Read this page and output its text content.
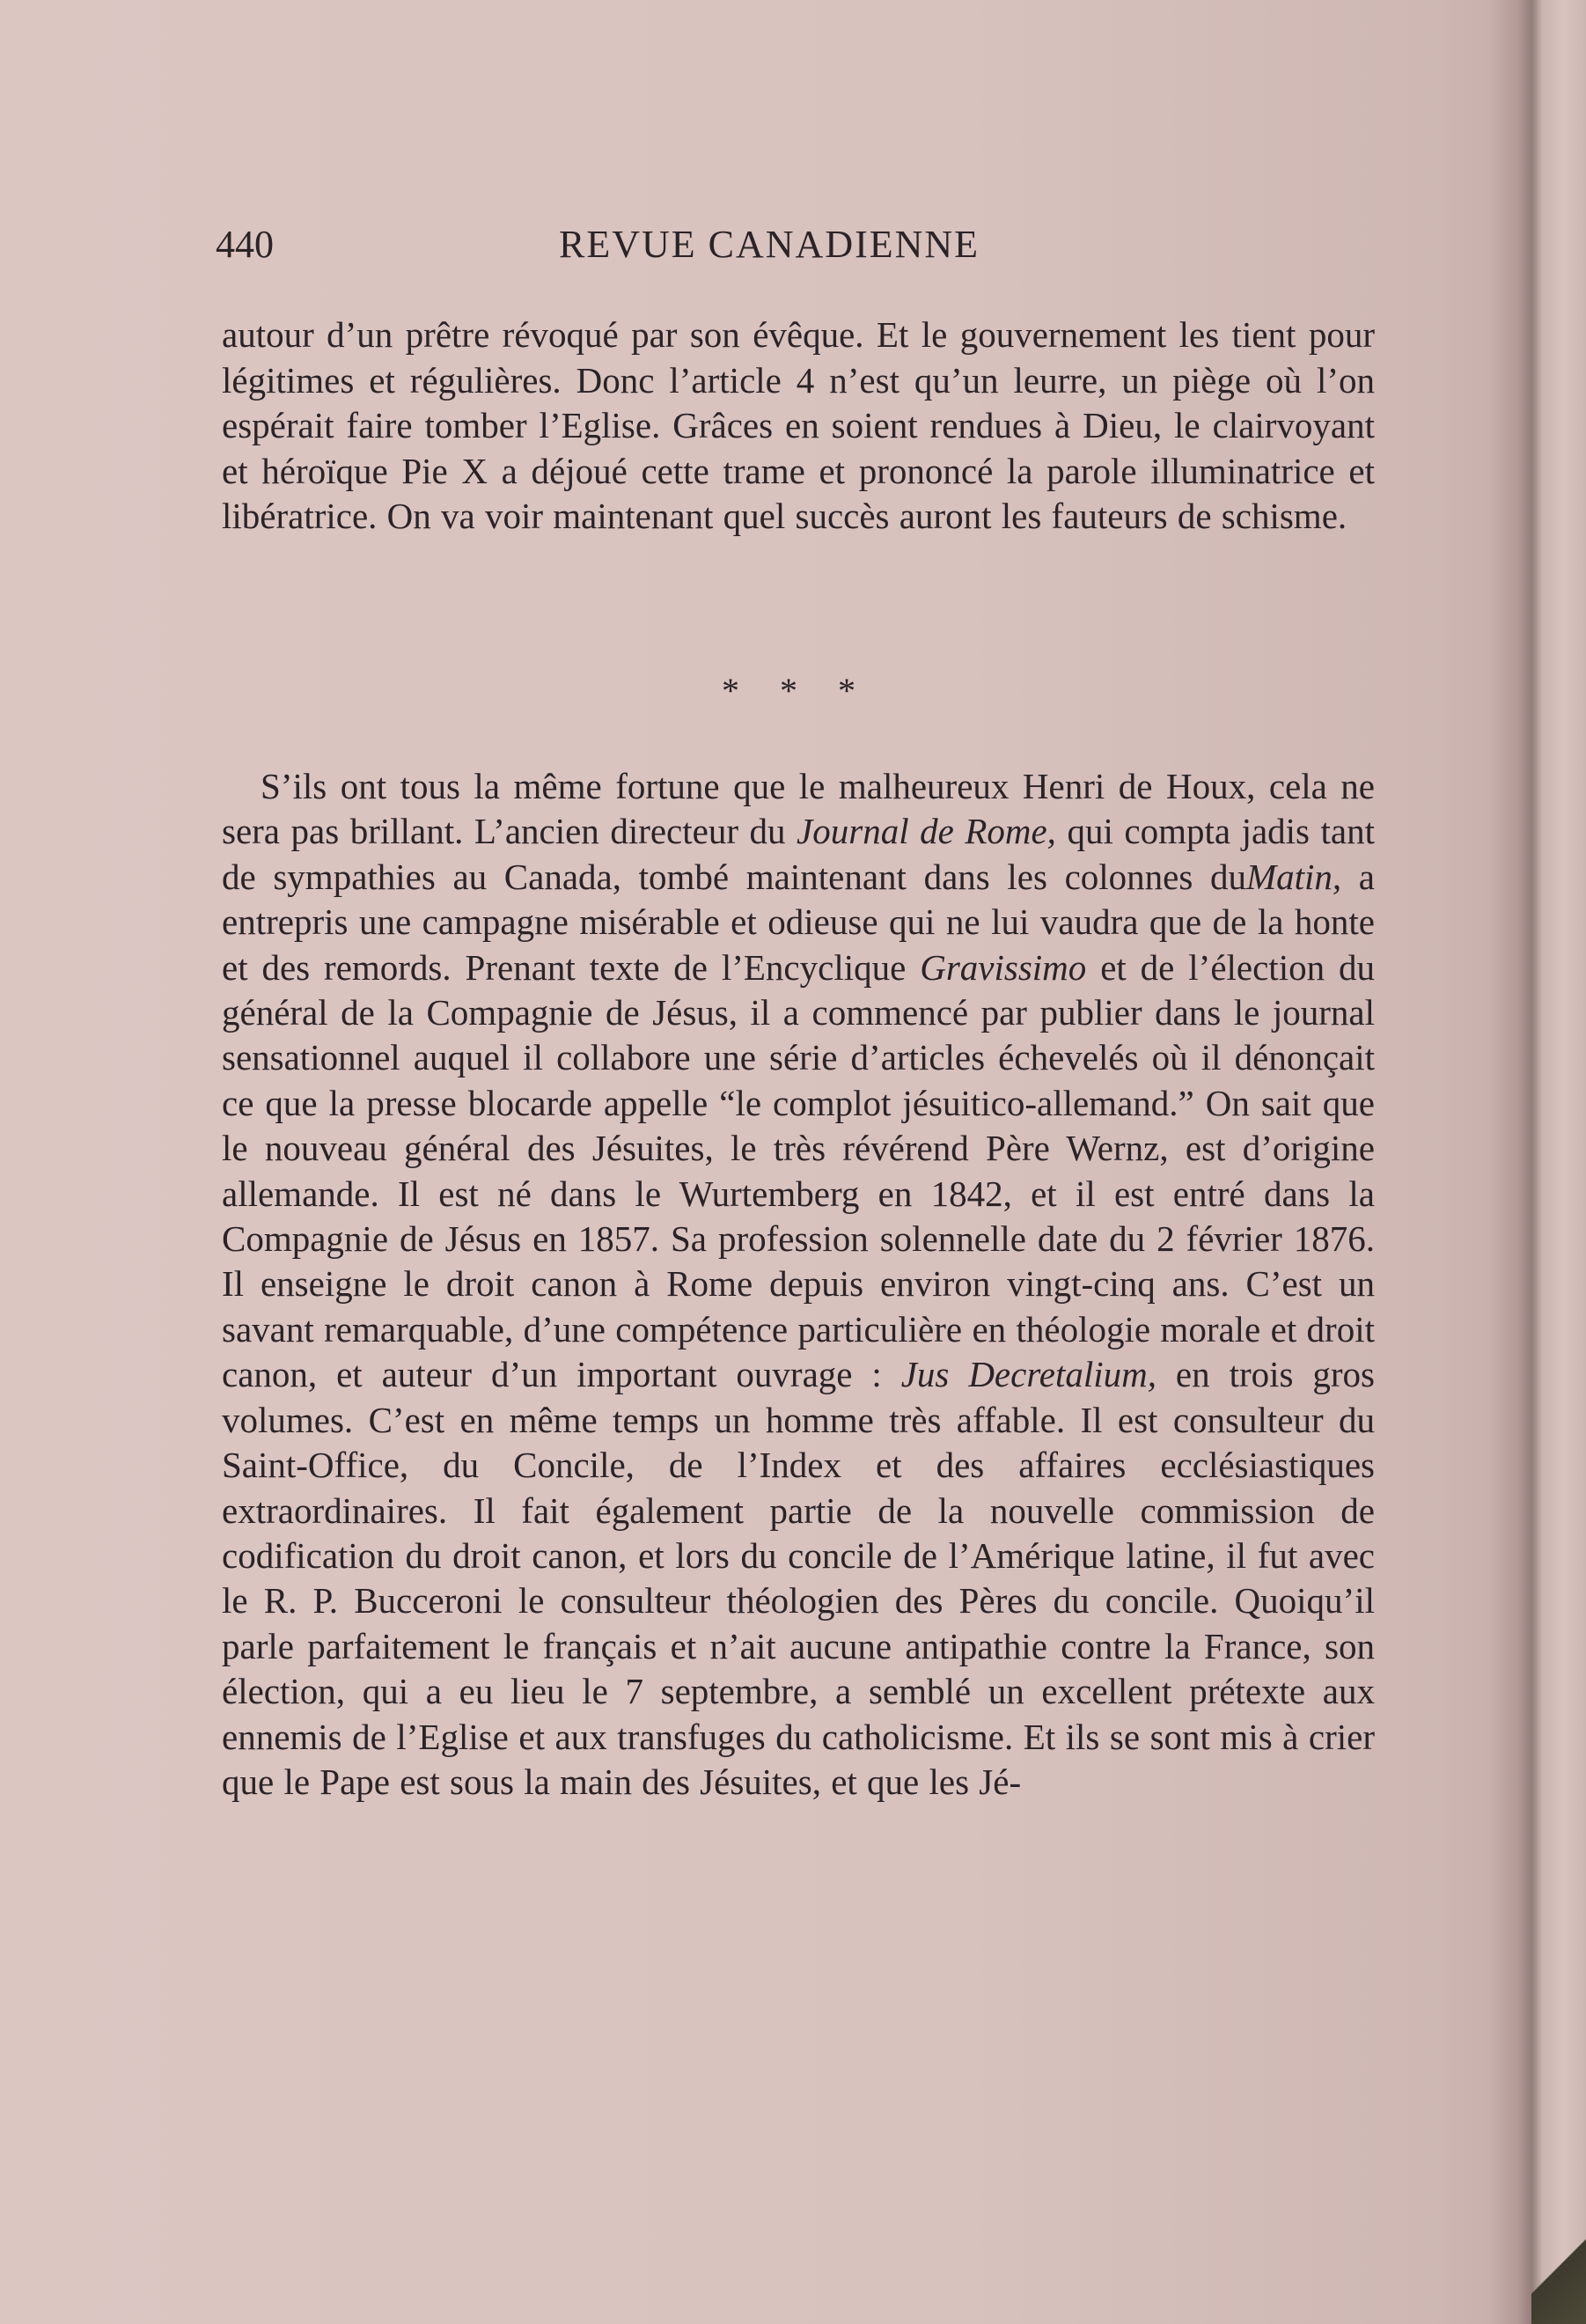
440	REVUE CANADIENNE

autour d’un prêtre révoqué par son évêque. Et le gouvernement les tient pour légitimes et régulières. Donc l’article 4 n’est qu’un leurre, un piège où l’on espérait faire tomber l’Eglise. Grâces en soient rendues à Dieu, le clairvoyant et héroïque Pie X a déjoué cette trame et prononcé la parole illuminatrice et libératrice. On va voir maintenant quel succès auront les fauteurs de schisme.

* * *

S’ils ont tous la même fortune que le malheureux Henri de Houx, cela ne sera pas brillant. L’ancien directeur du Journal de Rome, qui compta jadis tant de sympathies au Canada, tombé maintenant dans les colonnes duMatin, a entrepris une campagne misérable et odieuse qui ne lui vaudra que de la honte et des remords. Prenant texte de l’Encyclique Gravissimo et de l’élection du général de la Compagnie de Jésus, il a commencé par publier dans le journal sensationnel auquel il collabore une série d’articles échevelés où il dénonçait ce que la presse blocarde appelle “le complot jésuitico-allemand.” On sait que le nouveau général des Jésuites, le très révérend Père Wernz, est d’origine allemande. Il est né dans le Wurtemberg en 1842, et il est entré dans la Compagnie de Jésus en 1857. Sa profession solennelle date du 2 février 1876. Il enseigne le droit canon à Rome depuis environ vingt-cinq ans. C’est un savant remarquable, d’une compétence particulière en théologie morale et droit canon, et auteur d’un important ouvrage : Jus Decretalium, en trois gros volumes. C’est en même temps un homme très affable. Il est consulteur du Saint-Office, du Concile, de l’Index et des affaires ecclésiastiques extraordinaires. Il fait également partie de la nouvelle commission de codification du droit canon, et lors du concile de l’Amérique latine, il fut avec le R. P. Bucceroni le consulteur théologien des Pères du concile. Quoiqu’il parle parfaitement le français et n’ait aucune antipathie contre la France, son élection, qui a eu lieu le 7 septembre, a semblé un excellent prétexte aux ennemis de l’Eglise et aux transfuges du catholicisme. Et ils se sont mis à crier que le Pape est sous la main des Jésuites, et que les Jé-
